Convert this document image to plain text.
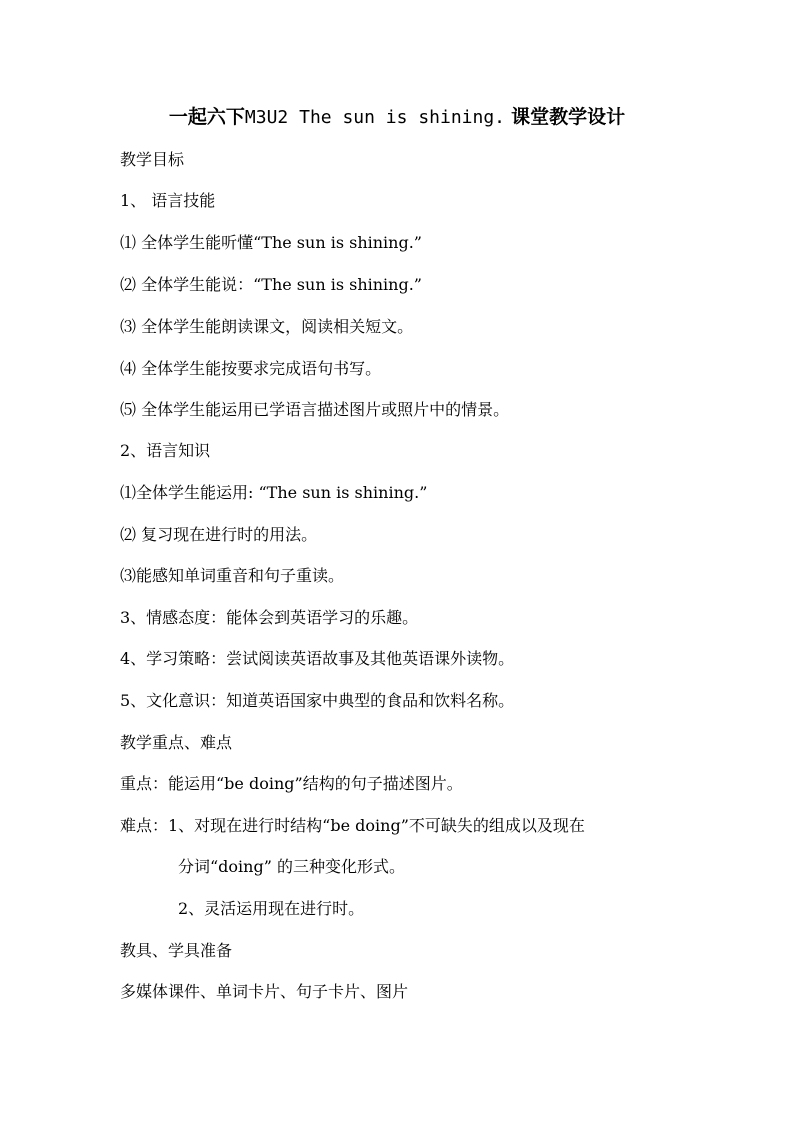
一起六下M3U2 The sun is shining. 课堂教学设计
教学目标
1、 语言技能
⑴ 全体学生能听懂“The sun is shining.”
⑵ 全体学生能说：“The sun is shining.”
⑶ 全体学生能朗读课文，阅读相关短文。
⑷ 全体学生能按要求完成语句书写。
⑸ 全体学生能运用已学语言描述图片或照片中的情景。
2、语言知识
⑴全体学生能运用: “The sun is shining.”
⑵ 复习现在进行时的用法。
⑶能感知单词重音和句子重读。
3、情感态度：能体会到英语学习的乐趣。
4、学习策略：尝试阅读英语故事及其他英语课外读物。
5、文化意识：知道英语国家中典型的食品和饮料名称。
教学重点、难点
重点：能运用“be doing”结构的句子描述图片。
难点：1、对现在进行时结构“be doing”不可缺失的组成以及现在
分词“doing” 的三种变化形式。
2、灵活运用现在进行时。
教具、学具准备
多媒体课件、单词卡片、句子卡片、图片
